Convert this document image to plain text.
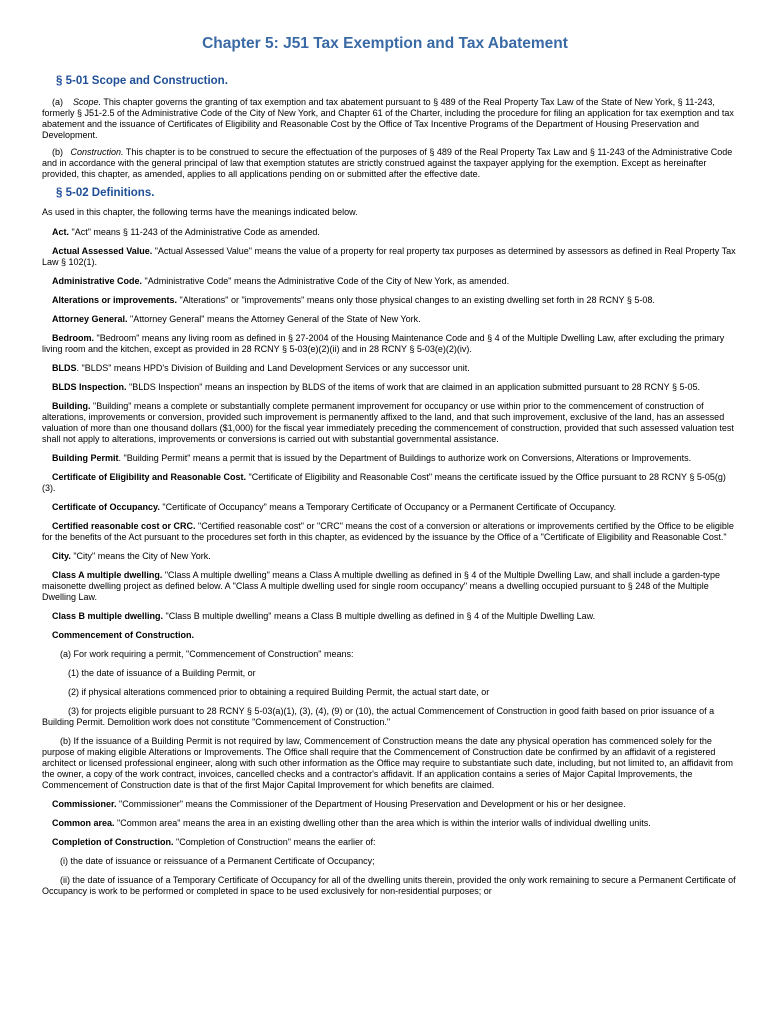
Chapter 5: J51 Tax Exemption and Tax Abatement
§ 5-01 Scope and Construction.

(a) Scope. This chapter governs the granting of tax exemption and tax abatement pursuant to § 489 of the Real Property Tax Law of the State of New York, § 11-243, formerly § J51-2.5 of the Administrative Code of the City of New York, and Chapter 61 of the Charter, including the procedure for filing an application for tax exemption and tax abatement and the issuance of Certificates of Eligibility and Reasonable Cost by the Office of Tax Incentive Programs of the Department of Housing Preservation and Development.

(b) Construction. This chapter is to be construed to secure the effectuation of the purposes of § 489 of the Real Property Tax Law and § 11-243 of the Administrative Code and in accordance with the general principal of law that exemption statutes are strictly construed against the taxpayer applying for the exemption. Except as hereinafter provided, this chapter, as amended, applies to all applications pending on or submitted after the effective date.

§ 5-02 Definitions.

As used in this chapter, the following terms have the meanings indicated below.

Act. "Act" means § 11-243 of the Administrative Code as amended.

Actual Assessed Value. "Actual Assessed Value" means the value of a property for real property tax purposes as determined by assessors as defined in Real Property Tax Law § 102(1).

Administrative Code. "Administrative Code" means the Administrative Code of the City of New York, as amended.

Alterations or improvements. "Alterations" or "improvements" means only those physical changes to an existing dwelling set forth in 28 RCNY § 5-08.

Attorney General. "Attorney General" means the Attorney General of the State of New York.

Bedroom. "Bedroom" means any living room as defined in § 27-2004 of the Housing Maintenance Code and § 4 of the Multiple Dwelling Law, after excluding the primary living room and the kitchen, except as provided in 28 RCNY § 5-03(e)(2)(ii) and in 28 RCNY § 5-03(e)(2)(iv).

BLDS. "BLDS" means HPD's Division of Building and Land Development Services or any successor unit.

BLDS Inspection. "BLDS Inspection" means an inspection by BLDS of the items of work that are claimed in an application submitted pursuant to 28 RCNY § 5-05.

Building. "Building" means a complete or substantially complete permanent improvement for occupancy or use within prior to the commencement of construction of alterations, improvements or conversion, provided such improvement is permanently affixed to the land, and that such improvement, exclusive of the land, has an assessed valuation of more than one thousand dollars ($1,000) for the fiscal year immediately preceding the commencement of construction, provided that such assessed valuation test shall not apply to alterations, improvements or conversions is carried out with substantial governmental assistance.

Building Permit. "Building Permit" means a permit that is issued by the Department of Buildings to authorize work on Conversions, Alterations or Improvements.

Certificate of Eligibility and Reasonable Cost. "Certificate of Eligibility and Reasonable Cost" means the certificate issued by the Office pursuant to 28 RCNY § 5-05(g)(3).

Certificate of Occupancy. "Certificate of Occupancy" means a Temporary Certificate of Occupancy or a Permanent Certificate of Occupancy.

Certified reasonable cost or CRC. "Certified reasonable cost" or "CRC" means the cost of a conversion or alterations or improvements certified by the Office to be eligible for the benefits of the Act pursuant to the procedures set forth in this chapter, as evidenced by the issuance by the Office of a "Certificate of Eligibility and Reasonable Cost."

City. "City" means the City of New York.

Class A multiple dwelling. "Class A multiple dwelling" means a Class A multiple dwelling as defined in § 4 of the Multiple Dwelling Law, and shall include a garden-type maisonette dwelling project as defined below. A "Class A multiple dwelling used for single room occupancy" means a dwelling occupied pursuant to § 248 of the Multiple Dwelling Law.

Class B multiple dwelling. "Class B multiple dwelling" means a Class B multiple dwelling as defined in § 4 of the Multiple Dwelling Law.

Commencement of Construction.

(a) For work requiring a permit, "Commencement of Construction" means:

(1) the date of issuance of a Building Permit, or

(2) if physical alterations commenced prior to obtaining a required Building Permit, the actual start date, or

(3) for projects eligible pursuant to 28 RCNY § 5-03(a)(1), (3), (4), (9) or (10), the actual Commencement of Construction in good faith based on prior issuance of a Building Permit. Demolition work does not constitute "Commencement of Construction."

(b) If the issuance of a Building Permit is not required by law, Commencement of Construction means the date any physical operation has commenced solely for the purpose of making eligible Alterations or Improvements. The Office shall require that the Commencement of Construction date be confirmed by an affidavit of a registered architect or licensed professional engineer, along with such other information as the Office may require to substantiate such date, including, but not limited to, an affidavit from the owner, a copy of the work contract, invoices, cancelled checks and a contractor's affidavit. If an application contains a series of Major Capital Improvements, the Commencement of Construction date is that of the first Major Capital Improvement for which benefits are claimed.

Commissioner. "Commissioner" means the Commissioner of the Department of Housing Preservation and Development or his or her designee.

Common area. "Common area" means the area in an existing dwelling other than the area which is within the interior walls of individual dwelling units.

Completion of Construction. "Completion of Construction" means the earlier of:

(i) the date of issuance or reissuance of a Permanent Certificate of Occupancy;

(ii) the date of issuance of a Temporary Certificate of Occupancy for all of the dwelling units therein, provided the only work remaining to secure a Permanent Certificate of Occupancy is work to be performed or completed in space to be used exclusively for non-residential purposes; or
